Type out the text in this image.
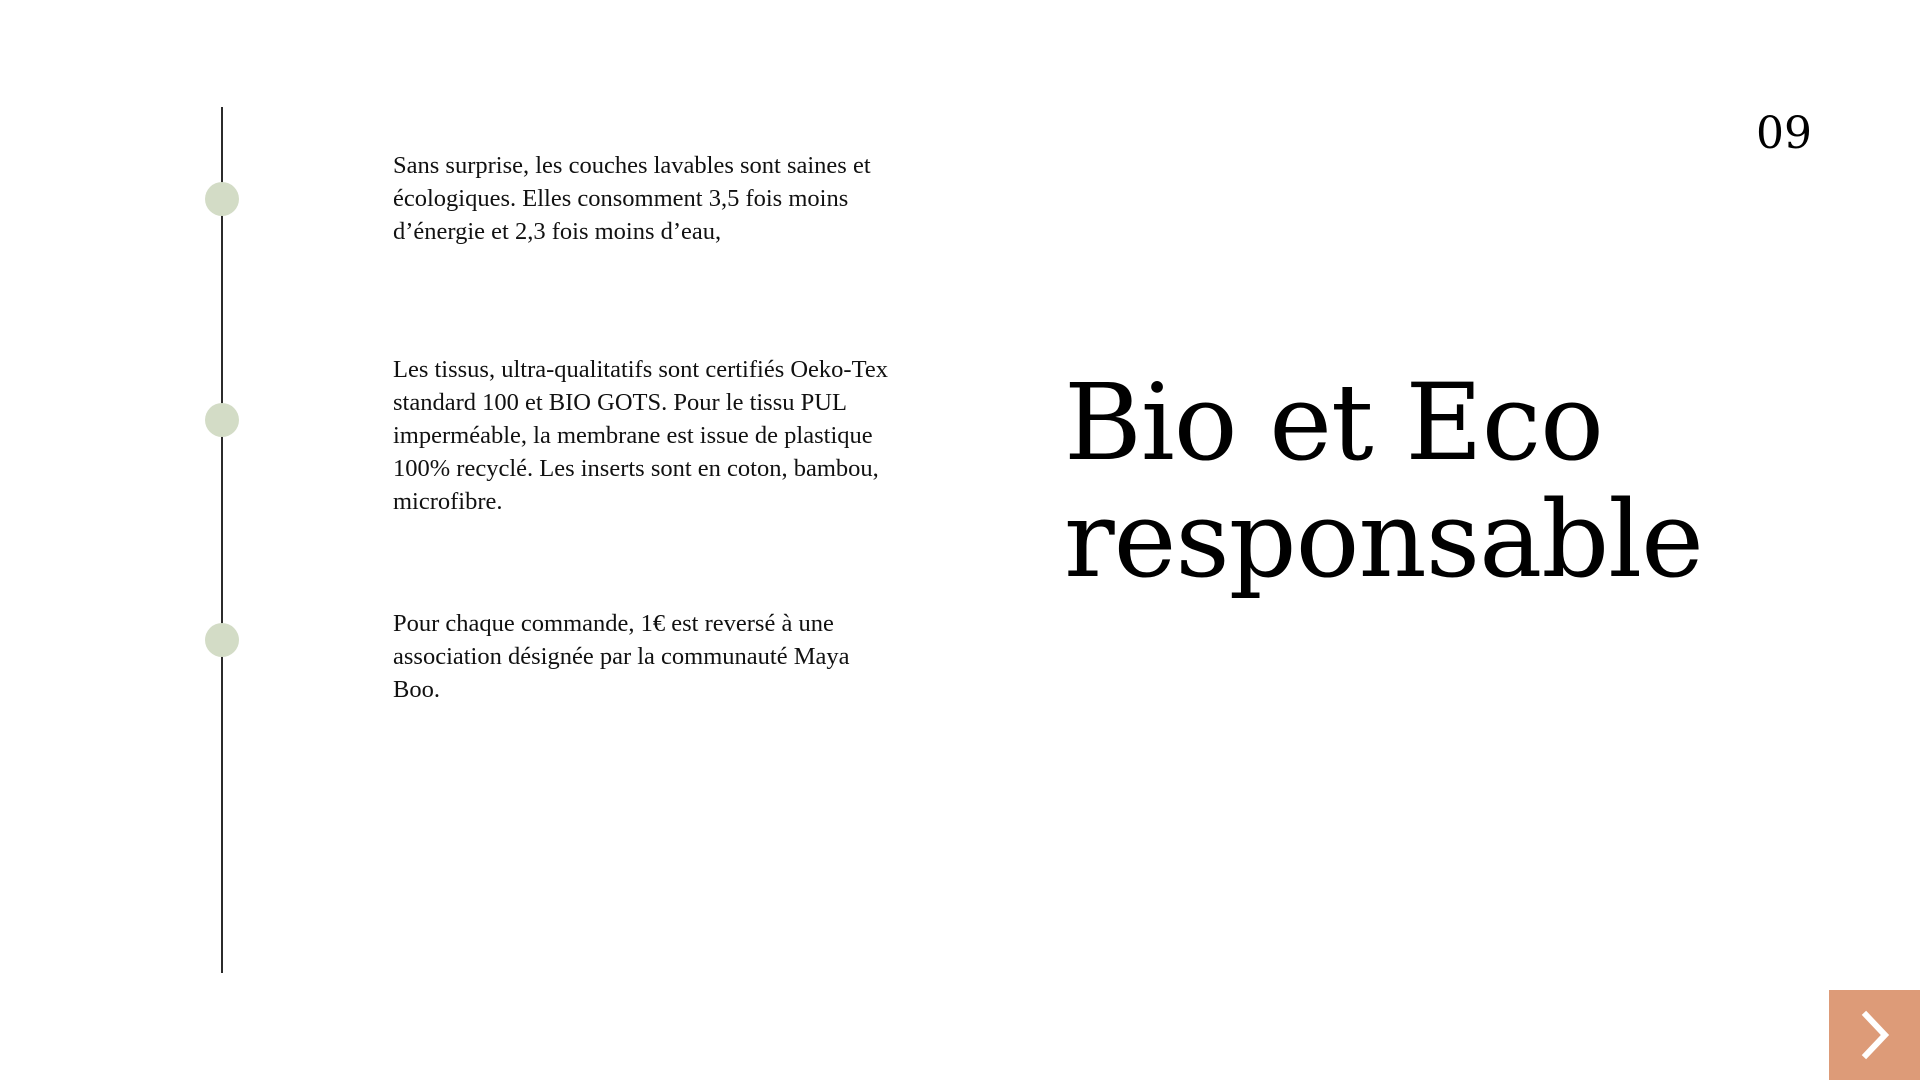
Sans surprise, les couches lavables sont saines et écologiques. Elles consomment 3,5 fois moins d’énergie et 2,3 fois moins d’eau,

Les tissus, ultra-qualitatifs sont certifiés Oeko-Tex standard 100 et BIO GOTS. Pour le tissu PUL imperméable, la membrane est issue de plastique 100% recyclé. Les inserts sont en coton, bambou, microfibre.

Pour chaque commande, 1€ est reversé à une association désignée par la communauté Maya Boo.

09
Bio et Eco
responsable
